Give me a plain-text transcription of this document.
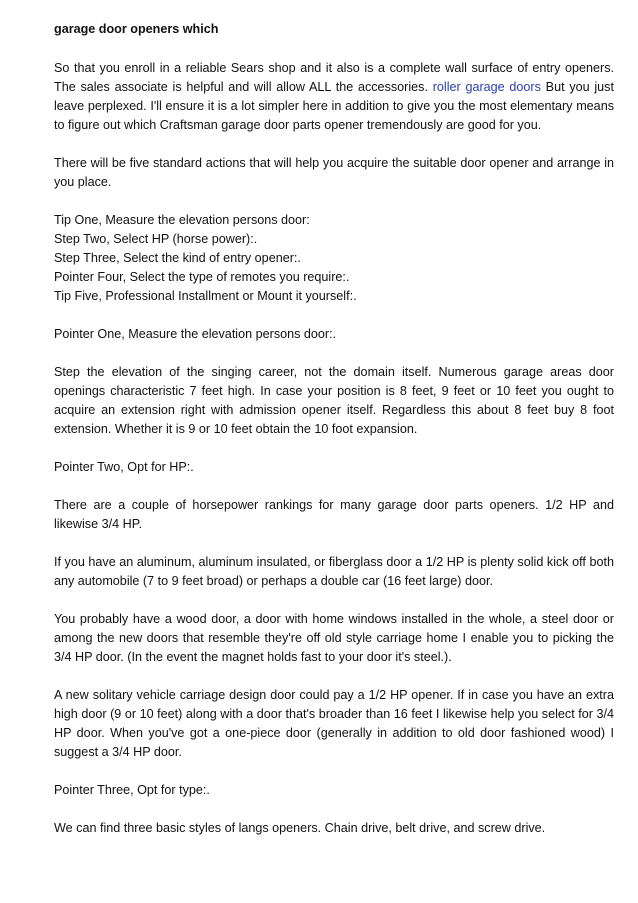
garage door openers which

So that you enroll in a reliable Sears shop and it also is a complete wall surface of entry openers. The sales associate is helpful and will allow ALL the accessories. roller garage doors But you just leave perplexed. I'll ensure it is a lot simpler here in addition to give you the most elementary means to figure out which Craftsman garage door parts opener tremendously are good for you.

There will be five standard actions that will help you acquire the suitable door opener and arrange in you place.

Tip One, Measure the elevation persons door:
Step Two, Select HP (horse power):.
Step Three, Select the kind of entry opener:.
Pointer Four, Select the type of remotes you require:.
Tip Five, Professional Installment or Mount it yourself:.

Pointer One, Measure the elevation persons door:.

Step the elevation of the singing career, not the domain itself. Numerous garage areas door openings characteristic 7 feet high. In case your position is 8 feet, 9 feet or 10 feet you ought to acquire an extension right with admission opener itself. Regardless this about 8 feet buy 8 foot extension. Whether it is 9 or 10 feet obtain the 10 foot expansion.

Pointer Two, Opt for HP:.

There are a couple of horsepower rankings for many garage door parts openers. 1/2 HP and likewise 3/4 HP.

If you have an aluminum, aluminum insulated, or fiberglass door a 1/2 HP is plenty solid kick off both any automobile (7 to 9 feet broad) or perhaps a double car (16 feet large) door.

You probably have a wood door, a door with home windows installed in the whole, a steel door or among the new doors that resemble they're off old style carriage home I enable you to picking the 3/4 HP door. (In the event the magnet holds fast to your door it's steel.).

A new solitary vehicle carriage design door could pay a 1/2 HP opener. If in case you have an extra high door (9 or 10 feet) along with a door that's broader than 16 feet I likewise help you select for 3/4 HP door. When you've got a one-piece door (generally in addition to old door fashioned wood) I suggest a 3/4 HP door.

Pointer Three, Opt for type:.

We can find three basic styles of langs openers. Chain drive, belt drive, and screw drive.
